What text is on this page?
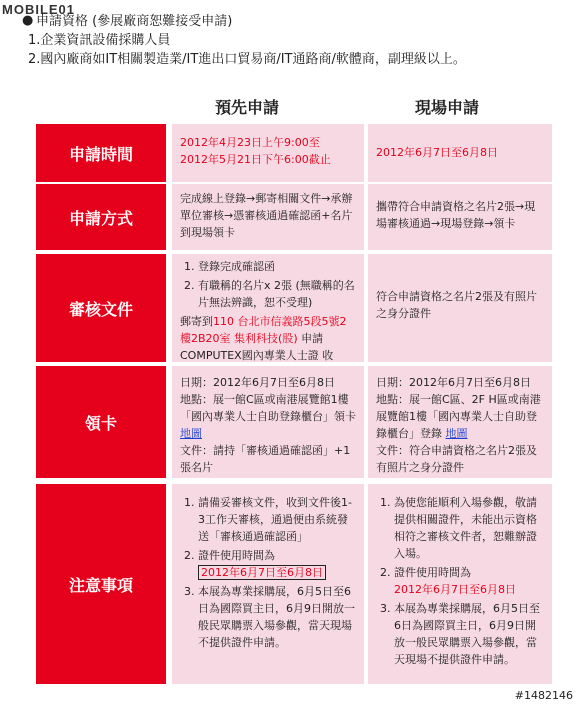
MOBILE01
● 申請資格 (參展廠商恕難接受申請)
1.企業資訊設備採購人員
2.國內廠商如IT相關製造業/IT進出口貿易商/IT通路商/軟體商，副理級以上。
預先申請	現場申請
申請時間
2012年4月23日上午9:00至
2012年5月21日下午6:00截止
2012年6月7日至6月8日
申請方式
完成線上登錄→郵寄相關文件→承辦單位審核→憑審核通過確認函+名片到現場領卡
攜帶符合申請資格之名片2張→現場審核通過→現場登錄→領卡
審核文件
1. 登錄完成確認函
2. 有職稱的名片x 2張 (無職稱的名片無法辨識，恕不受理)
郵寄到110 台北市信義路5段5號2樓2B20室 集利科技(股) 申請COMPUTEX國內專業人士證 收
符合申請資格之名片2張及有照片之身分證件
領卡
日期：2012年6月7日至6月8日
地點：展一館C區或南港展覽館1樓「國內專業人士自助登錄櫃台」領卡 地圖
文件：請持「審核通過確認函」+1張名片
日期：2012年6月7日至6月8日
地點：展一館C區、2F H區或南港展覽館1樓「國內專業人士自助登錄櫃台」登錄 地圖
文件：符合申請資格之名片2張及有照片之身分證件
注意事項
1. 請備妥審核文件，收到文件後1-3工作天審核，通過便由系統發送「審核通過確認函」
2. 證件使用時間為
2012年6月7日至6月8日
3. 本展為專業採購展，6月5日至6日為國際買主日，6月9日開放一般民眾購票入場參觀，當天現場不提供證件申請。
1. 為使您能順利入場參觀，敬請提供相關證件，未能出示資格相符之審核文件者，恕難辦證入場。
2. 證件使用時間為
2012年6月7日至6月8日
3. 本展為專業採購展，6月5日至6日為國際買主日，6月9日開放一般民眾購票入場參觀，當天現場不提供證件申請。
#1482146
